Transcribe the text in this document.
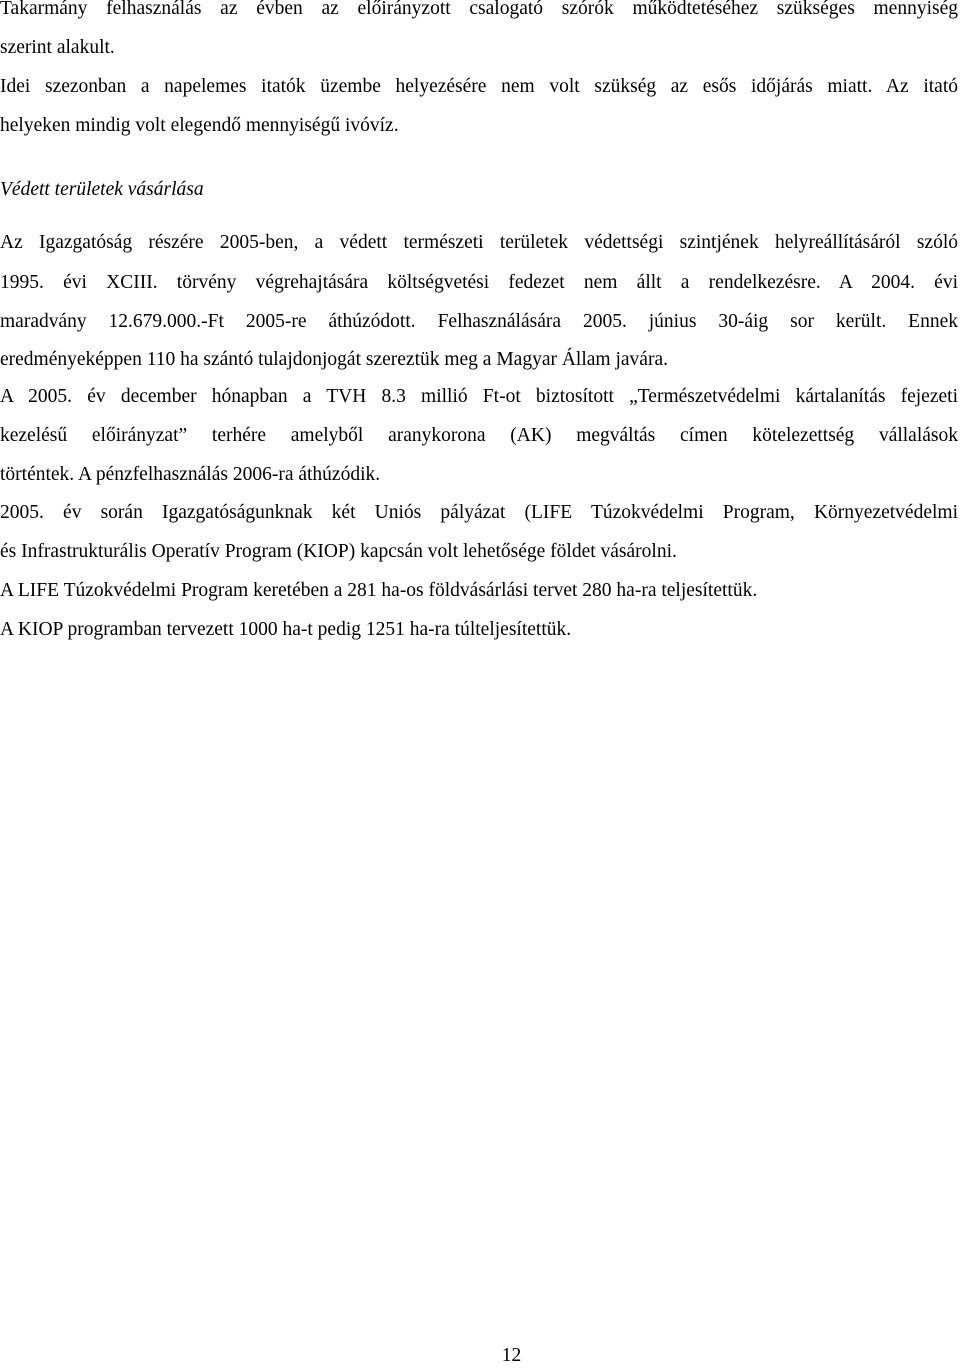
Takarmány felhasználás az évben az előirányzott csalogató szórók működtetéséhez szükséges mennyiség

szerint alakult.

Idei szezonban a napelemes itatók üzembe helyezésére nem volt szükség az esős időjárás miatt. Az itató

helyeken mindig volt elegendő mennyiségű ivóvíz.

Védett területek vásárlása

Az Igazgatóság részére 2005-ben, a védett természeti területek védettségi szintjének helyreállításáról szóló

1995. évi XCIII. törvény végrehajtására költségvetési fedezet nem állt a rendelkezésre. A 2004. évi

maradvány 12.679.000.-Ft 2005-re áthúzódott. Felhasználására 2005. június 30-áig sor került. Ennek

eredményeképpen 110 ha szántó tulajdonjogát szereztük meg a Magyar Állam javára.

A 2005. év december hónapban a TVH 8.3 millió Ft-ot biztosított „Természetvédelmi kártalanítás fejezeti

kezelésű előirányzat” terhére amelyből aranykorona (AK) megváltás címen kötelezettség vállalások

történtek. A pénzfelhasználás 2006-ra áthúzódik.

2005. év során Igazgatóságunknak két Uniós pályázat (LIFE Túzokvédelmi Program, Környezetvédelmi

és Infrastrukturális Operatív Program (KIOP) kapcsán volt lehetősége földet vásárolni.

A LIFE Túzokvédelmi Program keretében a 281 ha-os földvásárlási tervet 280 ha-ra teljesítettük.

A KIOP programban tervezett 1000 ha-t pedig 1251 ha-ra túlteljesítettük.

12
